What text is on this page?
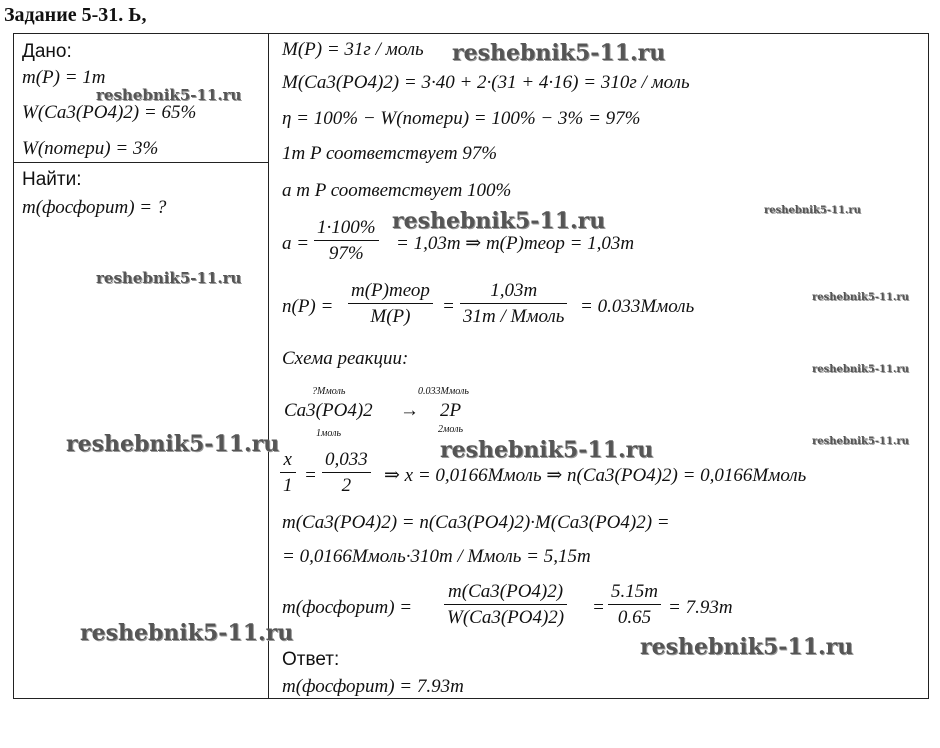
Задание 5-31. Ь,
Дано:
m(P) = 1т
W(Ca3(PO4)2) = 65%
W(потери) = 3%
Найти:
m(фосфорит) = ?
M(P) = 31г / моль
M(Ca3(PO4)2) = 3·40 + 2·(31 + 4·16) = 310г / моль
η = 100% − W(потери) = 100% − 3% = 97%
1т P соответствует 97%
a т P соответствует 100%
$a = \frac{1\cdot 100\%}{97\%} = 1,03т$ ⇒ m(P)теор = 1,03т
n(P) =
m(P)теор
M(P)	=
1,03т
31т / Mмоль = 0.033Mмоль
Схема реакции:
?Mмоль	0.033Mмоль
Ca3(PO4)2 → 2P
1моль	2моль
$\frac{x}{1} = \frac{0,033}{2}$ ⇒ x = 0,0166Mмоль ⇒ n(Ca3(PO4)2) = 0,0166Mмоль
m(Ca3(PO4)2) = n(Ca3(PO4)2)·M(Ca3(PO4)2) =
= 0,0166Mмоль·310т / Mмоль = 5,15т
m(фосфорит) = $\frac{m(Ca3(PO4)2)}{W(Ca3(PO4)2)}$ =
5.15т
0.65 = 7.93т
Ответ:
m(фосфорит) = 7.93т
reshebnik5-11.ru
reshebnik5-11.ru
reshebnik5-11.ru	reshebnik5-11.ru
reshebnik5-11.ru
reshebnik5-11.ru
reshebnik5-11.ru
reshebnik5-11.ru	reshebnik5-11.ru	reshebnik5-11.ru
reshebnik5-11.ru
reshebnik5-11.ru
